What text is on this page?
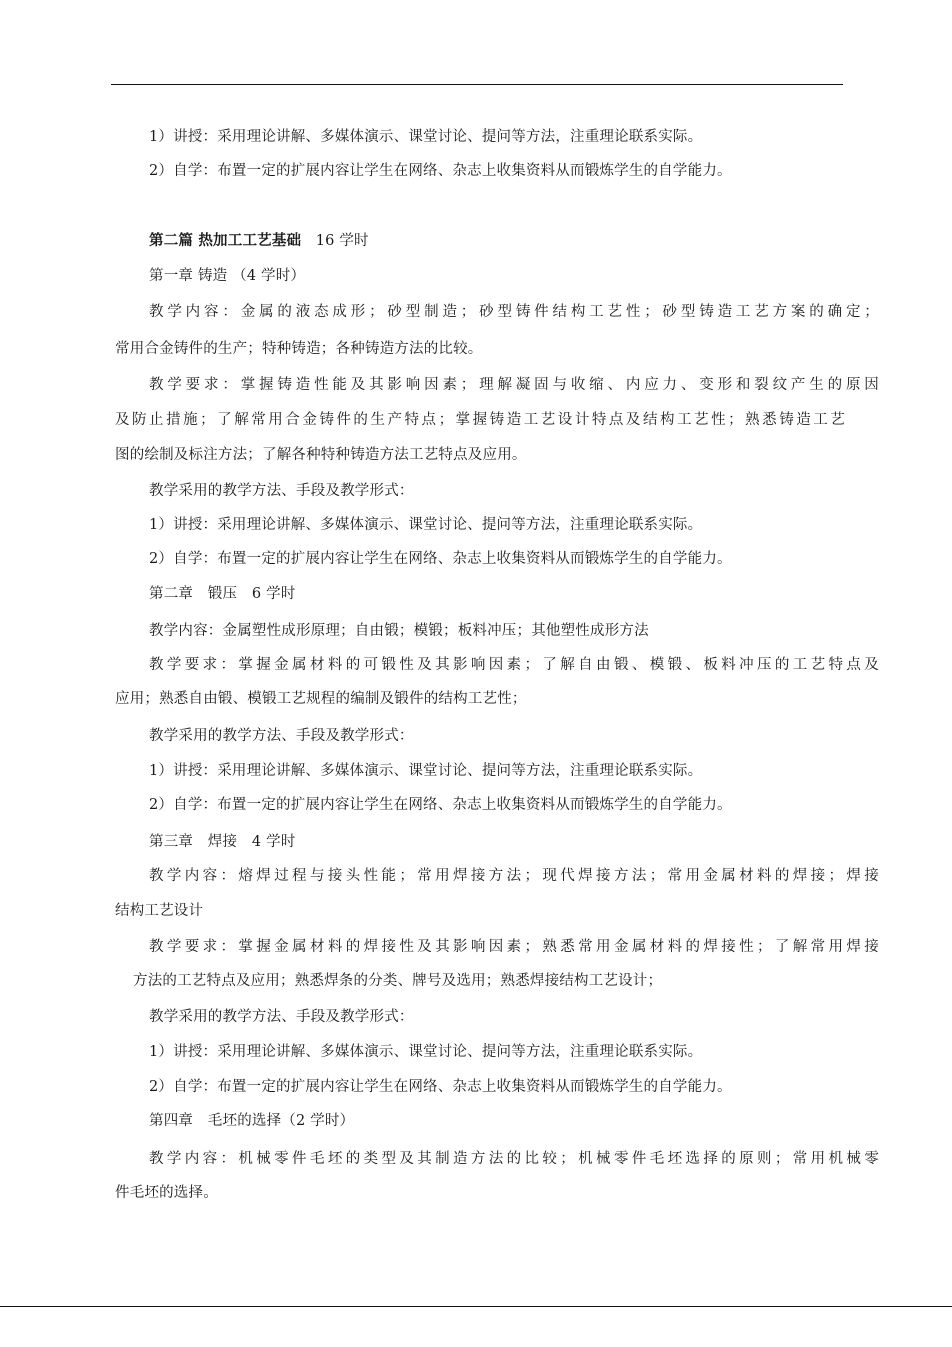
1）讲授：采用理论讲解、多媒体演示、课堂讨论、提问等方法，注重理论联系实际。
2）自学：布置一定的扩展内容让学生在网络、杂志上收集资料从而锻炼学生的自学能力。
第二篇 热加工工艺基础 16 学时
第一章 铸造 （4 学时）
教学内容：金属的液态成形；砂型制造；砂型铸件结构工艺性；砂型铸造工艺方案的确定；
常用合金铸件的生产；特种铸造；各种铸造方法的比较。
教学要求：掌握铸造性能及其影响因素；理解凝固与收缩、内应力、变形和裂纹产生的原因
及防止措施；了解常用合金铸件的生产特点；掌握铸造工艺设计特点及结构工艺性；熟悉铸造工艺
图的绘制及标注方法；了解各种特种铸造方法工艺特点及应用。
教学采用的教学方法、手段及教学形式：
1）讲授：采用理论讲解、多媒体演示、课堂讨论、提问等方法，注重理论联系实际。
2）自学：布置一定的扩展内容让学生在网络、杂志上收集资料从而锻炼学生的自学能力。
第二章　锻压　6 学时
教学内容：金属塑性成形原理；自由锻；模锻；板料冲压；其他塑性成形方法
教学要求：掌握金属材料的可锻性及其影响因素；了解自由锻、模锻、板料冲压的工艺特点及
应用；熟悉自由锻、模锻工艺规程的编制及锻件的结构工艺性；
教学采用的教学方法、手段及教学形式：
1）讲授：采用理论讲解、多媒体演示、课堂讨论、提问等方法，注重理论联系实际。
2）自学：布置一定的扩展内容让学生在网络、杂志上收集资料从而锻炼学生的自学能力。
第三章　焊接　4 学时
教学内容：熔焊过程与接头性能；常用焊接方法；现代焊接方法；常用金属材料的焊接；焊接
结构工艺设计
教学要求：掌握金属材料的焊接性及其影响因素；熟悉常用金属材料的焊接性；了解常用焊接
方法的工艺特点及应用；熟悉焊条的分类、牌号及选用；熟悉焊接结构工艺设计；
教学采用的教学方法、手段及教学形式：
1）讲授：采用理论讲解、多媒体演示、课堂讨论、提问等方法，注重理论联系实际。
2）自学：布置一定的扩展内容让学生在网络、杂志上收集资料从而锻炼学生的自学能力。
第四章　毛坯的选择（2 学时）
教学内容：机械零件毛坯的类型及其制造方法的比较；机械零件毛坯选择的原则；常用机械零
件毛坯的选择。
